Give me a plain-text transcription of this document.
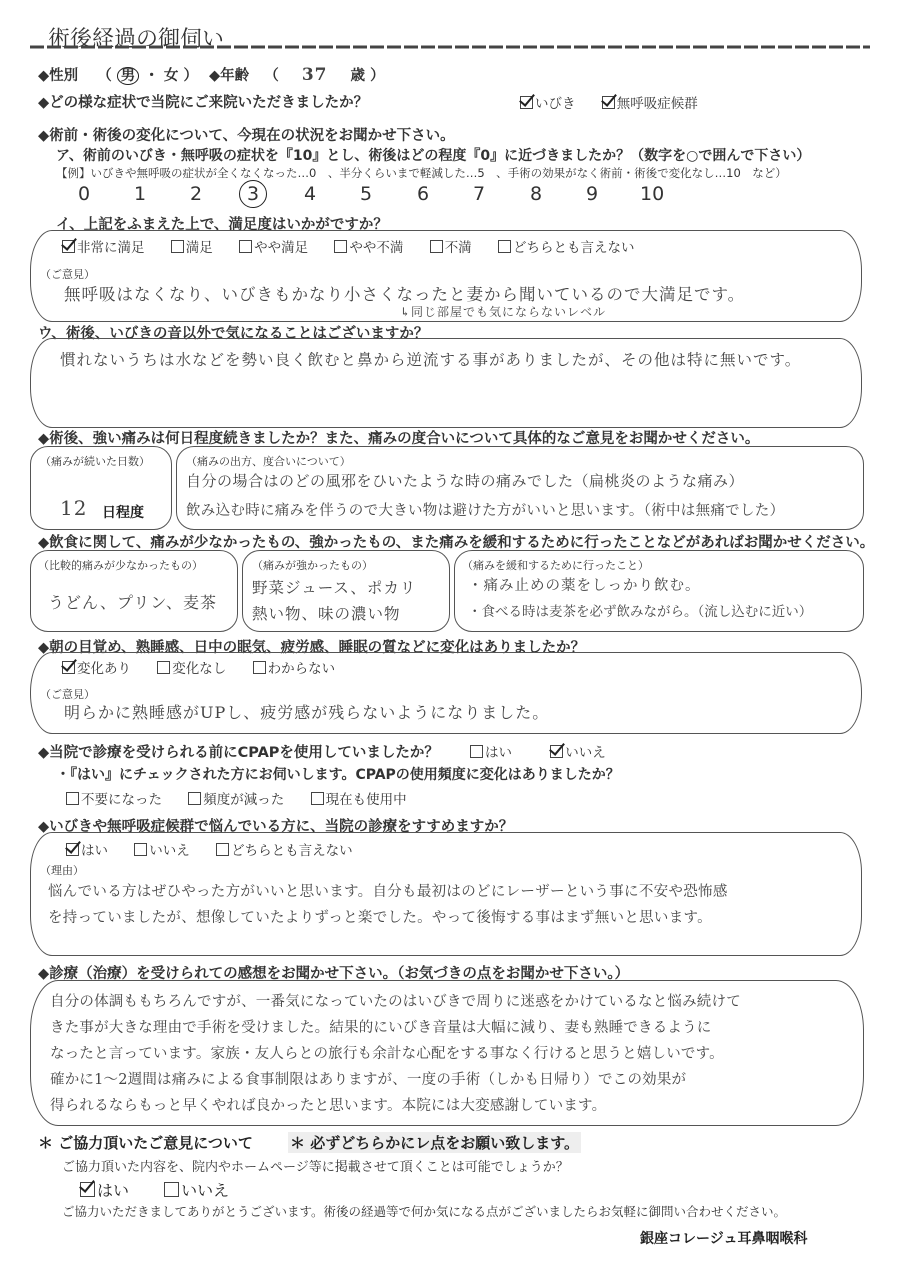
術後経過の御伺い
◆性別 （ 男 ・ 女 ） ◆年齢 （ 37 歳 ）
◆どの様な症状で当院にご来院いただきましたか？	いびき	無呼吸症候群
◆術前・術後の変化について、今現在の状況をお聞かせ下さい。
ア、術前のいびき・無呼吸の症状を『10』とし、術後はどの程度『0』に近づきましたか？（数字を○で囲んで下さい）
【例】いびきや無呼吸の症状が全くなくなった…0　、半分くらいまで軽減した…5　、手術の効果がなく術前・術後で変化なし…10　など）
0 1 2 3 4 5 6 7 8 9 10
イ、上記をふまえた上で、満足度はいかがですか？
非常に満足	満足	やや満足	やや不満	不満	どちらとも言えない
（ご意見）
無呼吸はなくなり、いびきもかなり小さくなったと妻から聞いているので大満足です。
↳同じ部屋でも気にならないレベル
ウ、術後、いびきの音以外で気になることはございますか？
慣れないうちは水などを勢い良く飲むと鼻から逆流する事がありましたが、その他は特に無いです。
◆術後、強い痛みは何日程度続きましたか？また、痛みの度合いについて具体的なご意見をお聞かせください。
（痛みが続いた日数）
12 日程度
（痛みの出方、度合いについて）
自分の場合はのどの風邪をひいたような時の痛みでした（扁桃炎のような痛み）
飲み込む時に痛みを伴うので大きい物は避けた方がいいと思います。（術中は無痛でした）
◆飲食に関して、痛みが少なかったもの、強かったもの、また痛みを緩和するために行ったことなどがあればお聞かせください。
（比較的痛みが少なかったもの）
うどん、プリン、麦茶
（痛みが強かったもの）
野菜ジュース、ポカリ
熱い物、味の濃い物
（痛みを緩和するために行ったこと）
・痛み止めの薬をしっかり飲む。
・食べる時は麦茶を必ず飲みながら。（流し込むに近い）
◆朝の目覚め、熟睡感、日中の眠気、疲労感、睡眠の質などに変化はありましたか？
変化あり	変化なし	わからない
（ご意見）
明らかに熟睡感がUPし、疲労感が残らないようになりました。
◆当院で診療を受けられる前にCPAPを使用していましたか？	はい	いいえ
・『はい』にチェックされた方にお伺いします。CPAPの使用頻度に変化はありましたか？
不要になった	頻度が減った	現在も使用中
◆いびきや無呼吸症候群で悩んでいる方に、当院の診療をすすめますか？
はい	いいえ	どちらとも言えない
（理由）
悩んでいる方はぜひやった方がいいと思います。自分も最初はのどにレーザーという事に不安や恐怖感
を持っていましたが、想像していたよりずっと楽でした。やって後悔する事はまず無いと思います。
◆診療（治療）を受けられての感想をお聞かせ下さい。（お気づきの点をお聞かせ下さい。）
自分の体調ももちろんですが、一番気になっていたのはいびきで周りに迷惑をかけているなと悩み続けて
きた事が大きな理由で手術を受けました。結果的にいびき音量は大幅に減り、妻も熟睡できるように
なったと言っています。家族・友人らとの旅行も余計な心配をする事なく行けると思うと嬉しいです。
確かに1〜2週間は痛みによる食事制限はありますが、一度の手術（しかも日帰り）でこの効果が
得られるならもっと早くやれば良かったと思います。本院には大変感謝しています。
＊ ご協力頂いたご意見について ＊ 必ずどちらかにレ点をお願い致します。
ご協力頂いた内容を、院内やホームページ等に掲載させて頂くことは可能でしょうか？
はい	いいえ
ご協力いただきましてありがとうございます。術後の経過等で何か気になる点がございましたらお気軽に御問い合わせください。
銀座コレージュ耳鼻咽喉科
